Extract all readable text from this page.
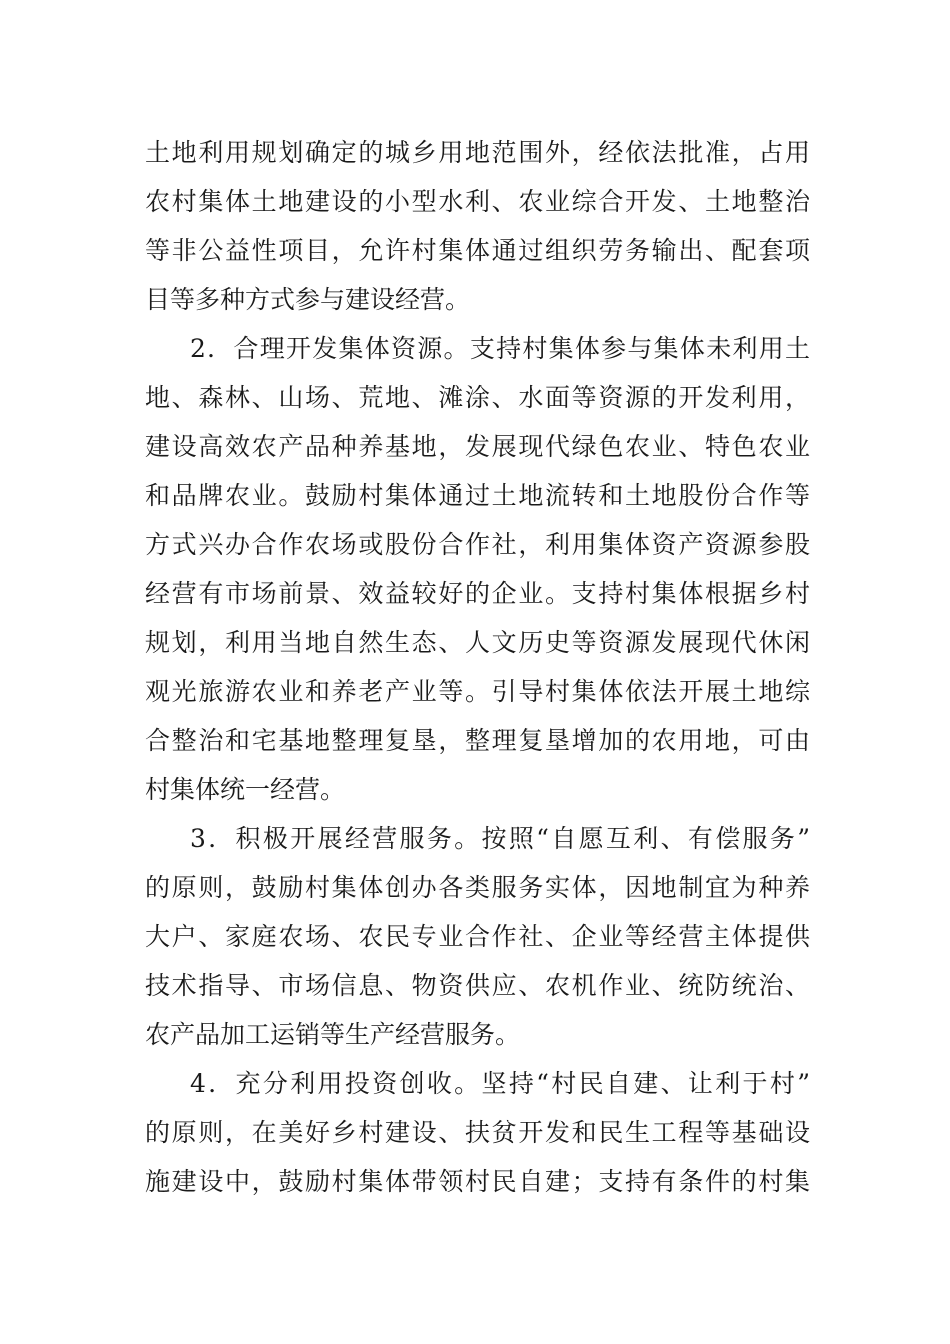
土地利用规划确定的城乡用地范围外，经依法批准，占用
农村集体土地建设的小型水利、农业综合开发、土地整治
等非公益性项目，允许村集体通过组织劳务输出、配套项
目等多种方式参与建设经营。
2．合理开发集体资源。支持村集体参与集体未利用土
地、森林、山场、荒地、滩涂、水面等资源的开发利用，
建设高效农产品种养基地，发展现代绿色农业、特色农业
和品牌农业。鼓励村集体通过土地流转和土地股份合作等
方式兴办合作农场或股份合作社，利用集体资产资源参股
经营有市场前景、效益较好的企业。支持村集体根据乡村
规划，利用当地自然生态、人文历史等资源发展现代休闲
观光旅游农业和养老产业等。引导村集体依法开展土地综
合整治和宅基地整理复垦，整理复垦增加的农用地，可由
村集体统一经营。
3．积极开展经营服务。按照“自愿互利、有偿服务”
的原则，鼓励村集体创办各类服务实体，因地制宜为种养
大户、家庭农场、农民专业合作社、企业等经营主体提供
技术指导、市场信息、物资供应、农机作业、统防统治、
农产品加工运销等生产经营服务。
4．充分利用投资创收。坚持“村民自建、让利于村”
的原则，在美好乡村建设、扶贫开发和民生工程等基础设
施建设中，鼓励村集体带领村民自建；支持有条件的村集
